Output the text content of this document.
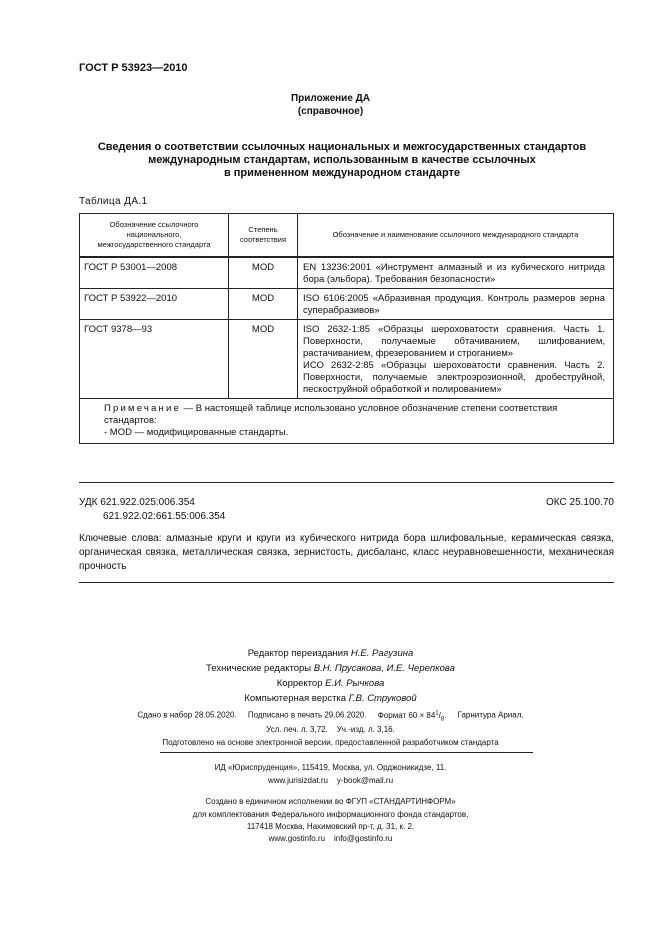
ГОСТ Р 53923—2010
Приложение ДА
(справочное)
Сведения о соответствии ссылочных национальных и межгосударственных стандартов
международным стандартам, использованным в качестве ссылочных
в примененном международном стандарте
Таблица ДА.1
Обозначение ссылочного национального, межгосударственного стандарта	Степень соответствия	Обозначение и наименование ссылочного международного стандарта
ГОСТ Р 53001—2008	MOD	EN 13236:2001 «Инструмент алмазный и из кубического нитрида бора (эльбора). Требования безопасности»
ГОСТ Р 53922—2010	MOD	ISO 6106:2005 «Абразивная продукция. Контроль размеров зерна суперабразивов»
ГОСТ 9378—93	MOD	ISO 2632-1:85 «Образцы шероховатости сравнения. Часть 1. Поверхности, получаемые обтачиванием, шлифованием, растачиванием, фрезерованием и строганием»
ИСО 2632-2:85 «Образцы шероховатости сравнения. Часть 2. Поверхности, получаемые электроэрозионной, дробеструйной, пескоструйной обработкой и полированием»

Примечание — В настоящей таблице использовано условное обозначение степени соответствия стандартов:
- MOD — модифицированные стандарты.		
УДК 621.922.025:006.354
621.922.02:661.55:006.354
ОКС 25.100.70
Ключевые слова: алмазные круги и круги из кубического нитрида бора шлифовальные, керамическая связка, органическая связка, металлическая связка, зернистость, дисбаланс, класс неуравновешенности, механическая прочность
Редактор переиздания Н.Е. Рагузина
Технические редакторы В.Н. Прусакова, И.Е. Черепкова
Корректор Е.И. Рычкова
Компьютерная верстка Г.В. Струковой
Сдано в набор 28.05.2020. Подписано в печать 29.06.2020. Формат $60 \times 84^1/_8$. Гарнитура Ариал.
Усл. печ. л. 3,72.    Уч.-изд. л. 3,16.
Подготовлено на основе электронной версии, предоставленной разработчиком стандарта
ИД «Юриспруденция», 115419, Москва, ул. Орджоникидзе, 11.
www.jurisizdat.ru    y-book@mail.ru
Создано в единичном исполнении во ФГУП «СТАНДАРТИНФОРМ»
для комплектования Федерального информационного фонда стандартов,
117418 Москва, Нахимовский пр-т, д. 31, к. 2.
www.gostinfo.ru    info@gostinfo.ru
